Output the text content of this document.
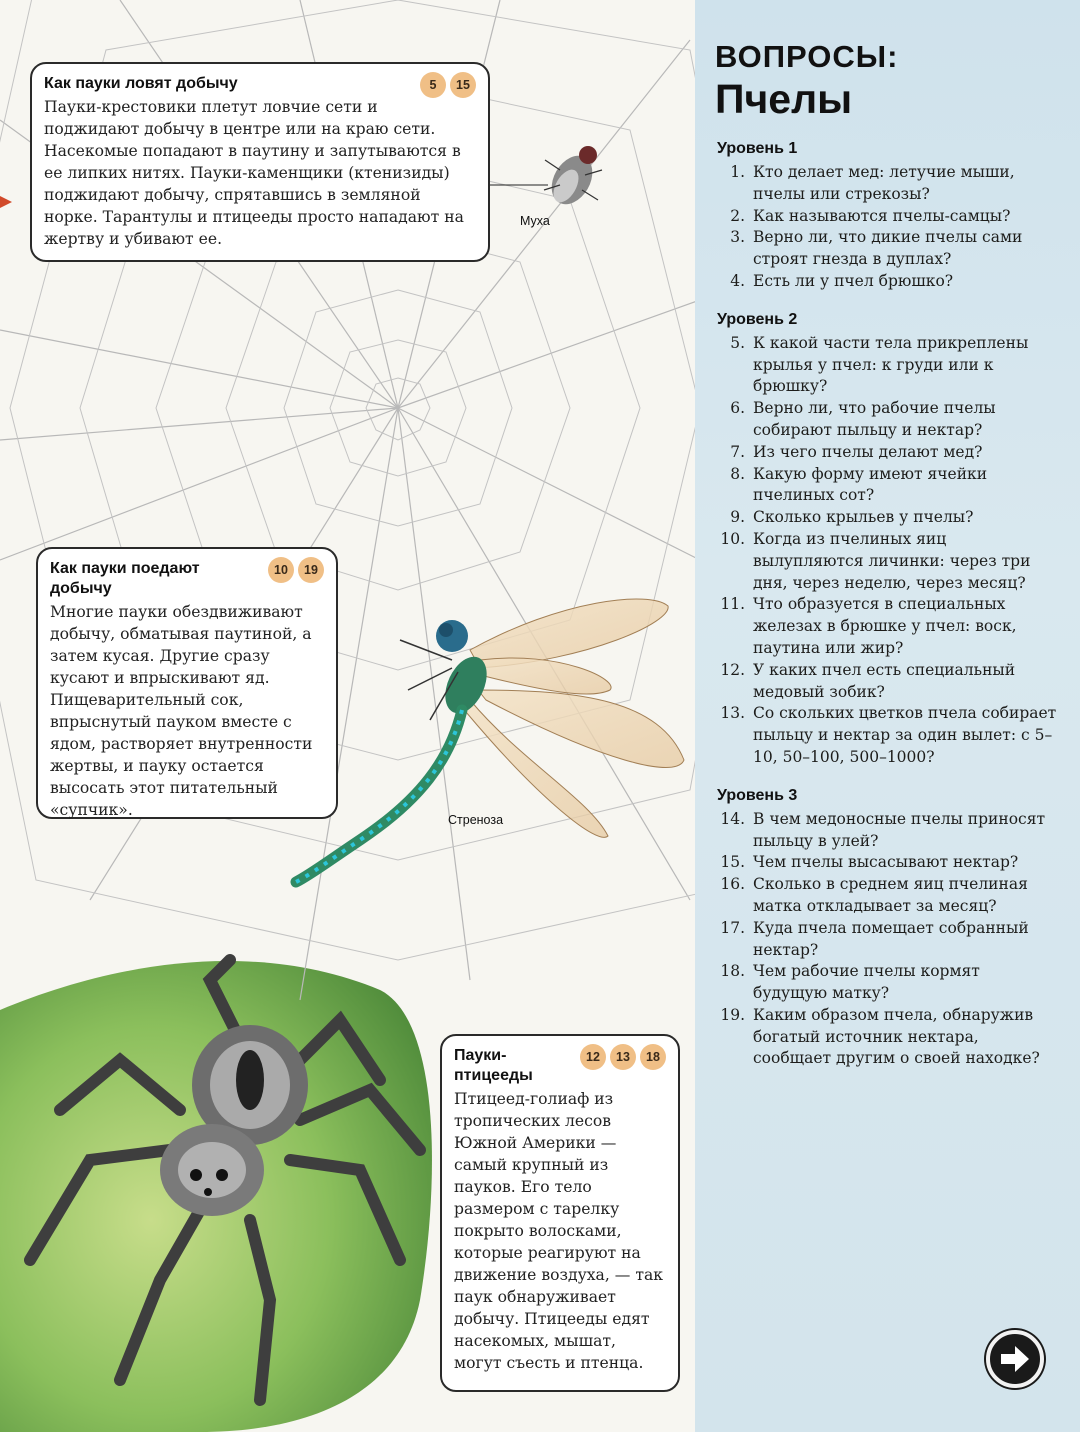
Муха
Стреноза
Как пауки ловят добычу	5	15

Пауки-крестовики плетут ловчие сети и поджидают добычу в центре или на краю сети. Насекомые попадают в паутину и запутываются в ее липких нитях. Пауки-каменщики (ктенизиды) поджидают добычу, спрятавшись в земляной норке. Тарантулы и птицееды просто нападают на жертву и убивают ее.

Как пауки поедают добычу
10	19

Многие пауки обездвиживают добычу, обматывая паутиной, а затем кусая. Другие сразу кусают и впрыскивают яд. Пищеварительный сок, впрыснутый пауком вместе с ядом, растворяет внутренности жертвы, и пауку остается высосать этот питательный «супчик».

Пауки-птицееды
12	13	18

Птицеед-голиаф из тропических лесов Южной Америки — самый крупный из пауков. Его тело размером с тарелку покрыто волосками, которые реагируют на движение воздуха, — так паук обнаруживает добычу. Птицееды едят насекомых, мышат, могут съесть и птенца.

ВОПРОСЫ:
Пчелы
Уровень 1
1. Кто делает мед: летучие мыши, пчелы или стрекозы?
2. Как называются пчелы-самцы?
3. Верно ли, что дикие пчелы сами строят гнезда в дуплах?
4. Есть ли у пчел брюшко?
Уровень 2
5. К какой части тела прикреплены крылья у пчел: к груди или к брюшку?
6. Верно ли, что рабочие пчелы собирают пыльцу и нектар?
7. Из чего пчелы делают мед?
8. Какую форму имеют ячейки пчелиных сот?
9. Сколько крыльев у пчелы?
10. Когда из пчелиных яиц вылупляются личинки: через три дня, через неделю, через месяц?
11. Что образуется в специальных железах в брюшке у пчел: воск, паутина или жир?
12. У каких пчел есть специальный медовый зобик?
13. Со скольких цветков пчела собирает пыльцу и нектар за один вылет: с 5–10, 50–100, 500–1000?
Уровень 3
14. В чем медоносные пчелы приносят пыльцу в улей?
15. Чем пчелы высасывают нектар?
16. Сколько в среднем яиц пчелиная матка откладывает за месяц?
17. Куда пчела помещает собранный нектар?
18. Чем рабочие пчелы кормят будущую матку?
19. Каким образом пчела, обнаружив богатый источник нектара, сообщает другим о своей находке?
